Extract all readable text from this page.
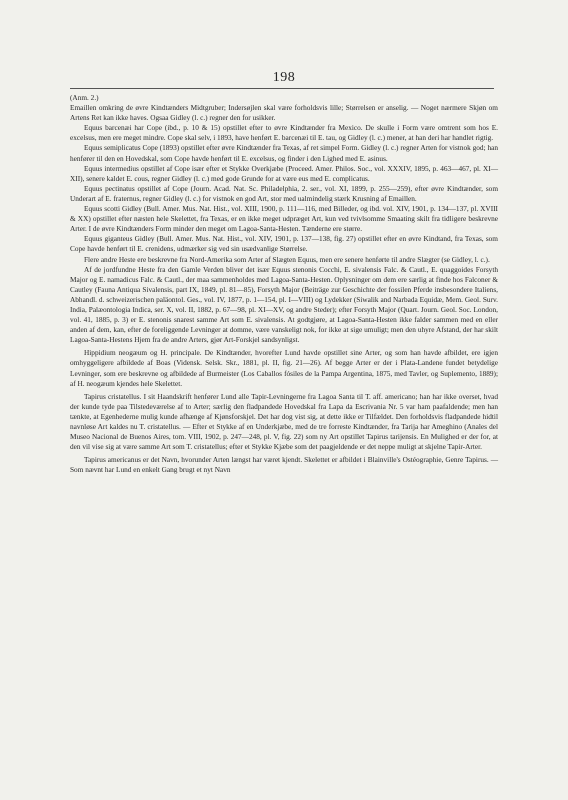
198

(Anm. 2.)

Emaillen omkring de øvre Kindtænders Midtgruber; Indersøjlen skal være forholdsvis lille; Størrelsen er anselig. — Noget nærmere Skjøn om Artens Ret kan ikke haves. Ogsaa Gidley (l. c.) regner den for usikker.

Equus barcenæi har Cope (ibd., p. 10 & 15) opstillet efter to øvre Kindtænder fra Mexico. De skulle i Form være omtrent som hos E. excelsus, men ere meget mindre. Cope skal selv, i 1893, have henført E. barcenæi til E. tau, og Gidley (l. c.) mener, at han deri har handlet rigtig.

Equus semiplicatus Cope (1893) opstillet efter øvre Kindtænder fra Texas, af ret simpel Form. Gidley (l. c.) regner Arten for vistnok god; han henfører til den en Hovedskal, som Cope havde henført til E. excelsus, og finder i den Lighed med E. asinus.

Equus intermedius opstillet af Cope især efter et Stykke Overkjæbe (Proceed. Amer. Philos. Soc., vol. XXXIV, 1895, p. 463—467, pl. XI—XII), senere kaldet E. cous, regner Gidley (l. c.) med gode Grunde for at være eus med E. complicatus.

Equus pectinatus opstillet af Cope (Journ. Acad. Nat. Sc. Philadelphia, 2. ser., vol. XI, 1899, p. 255—259), efter øvre Kindtænder, som Underart af E. fraternus, regner Gidley (l. c.) for vistnok en god Art, stor med ualmindelig stærk Krusning af Emaillen.

Equus scotti Gidley (Bull. Amer. Mus. Nat. Hist., vol. XIII, 1900, p. 111—116, med Billeder, og ibd. vol. XIV, 1901, p. 134—137, pl. XVIII & XX) opstillet efter næsten hele Skelettet, fra Texas, er en ikke meget udpræget Art, kun ved tvivlsomme Smaating skilt fra tidligere beskrevne Arter. I de øvre Kindtænders Form minder den meget om Lagoa-Santa-Hesten. Tænderne ere større.

Equus giganteus Gidley (Bull. Amer. Mus. Nat. Hist., vol. XIV, 1901, p. 137—138, fig. 27) opstillet efter en øvre Kindtand, fra Texas, som Cope havde henført til E. crenidens, udmærker sig ved sin usædvanlige Størrelse.

Flere andre Heste ere beskrevne fra Nord-Amerika som Arter af Slægten Equus, men ere senere henførte til andre Slægter (se Gidley, l. c.).

Af de jordfundne Heste fra den Gamle Verden bliver det især Equus stenonis Cocchi, E. sivalensis Falc. & Cautl., E. quaggoides Forsyth Major og E. namadicus Falc. & Cautl., der maa sammenholdes med Lagoa-Santa-Hesten. Oplysninger om dem ere særlig at finde hos Falconer & Cautley (Fauna Antiqua Sivalensis, part IX, 1849, pl. 81—85), Forsyth Major (Beiträge zur Geschichte der fossilen Pferde insbesondere Italiens, Abhandl. d. schweizerischen paläontol. Ges., vol. IV, 1877, p. 1—154, pl. I—VIII) og Lydekker (Siwalik and Narbada Equidæ, Mem. Geol. Surv. India, Palæontologia Indica, ser. X, vol. II, 1882, p. 67—98, pl. XI—XV, og andre Steder); efter Forsyth Major (Quart. Journ. Geol. Soc. London, vol. 41, 1885, p. 3) er E. stenonis snarest samme Art som E. sivalensis. At godtgjøre, at Lagoa-Santa-Hesten ikke falder sammen med en eller anden af dem, kan, efter de foreliggende Levninger at domme, være vanskeligt nok, for ikke at sige umuligt; men den uhyre Afstand, der har skilt Lagoa-Santa-Hestens Hjem fra de andre Arters, gjør Art-Forskjel sandsynligst.

Hippidium neogæum og H. principale. De Kindtænder, hvorefter Lund havde opstillet sine Arter, og som han havde afbildet, ere igjen omhyggeligere afbildede af Boas (Vidensk. Selsk. Skr., 1881, pl. II, fig. 21—26). Af begge Arter er der i Plata-Landene fundet betydelige Levninger, som ere beskrevne og afbildede af Burmeister (Los Caballos fósiles de la Pampa Argentina, 1875, med Tavler, og Suplemento, 1889); af H. neogæum kjendes hele Skelettet.

Tapirus cristatellus. I sit Haandskrift henfører Lund alle Tapir-Levningerne fra Lagoa Santa til T. aff. americano; han har ikke overset, hvad der kunde tyde paa Tilstedeværelse af to Arter; særlig den fladpandede Hovedskal fra Lapa da Escrivania Nr. 5 var ham paafaldende; men han tænkte, at Egenhederne mulig kunde afhænge af Kjønsforskjel. Det har dog vist sig, at dette ikke er Tilfældet. Den forholdsvis fladpandede hidtil navnløse Art kaldes nu T. cristatellus. — Efter et Stykke af en Underkjæbe, med de tre forreste Kindtænder, fra Tarija har Ameghino (Anales del Museo Nacional de Buenos Aires, tom. VIII, 1902, p. 247—248, pl. V, fig. 22) som ny Art opstillet Tapirus tarijensis. En Mulighed er der for, at den vil vise sig at være samme Art som T. cristatellus; efter et Stykke Kjæbe som det paagjeldende er det neppe muligt at skjelne Tapir-Arter.

Tapirus americanus er det Navn, hvorunder Arten længst har været kjendt. Skelettet er afbildet i Blainville's Ostéographie, Genre Tapirus. — Som nævnt har Lund en enkelt Gang brugt et nyt Navn
